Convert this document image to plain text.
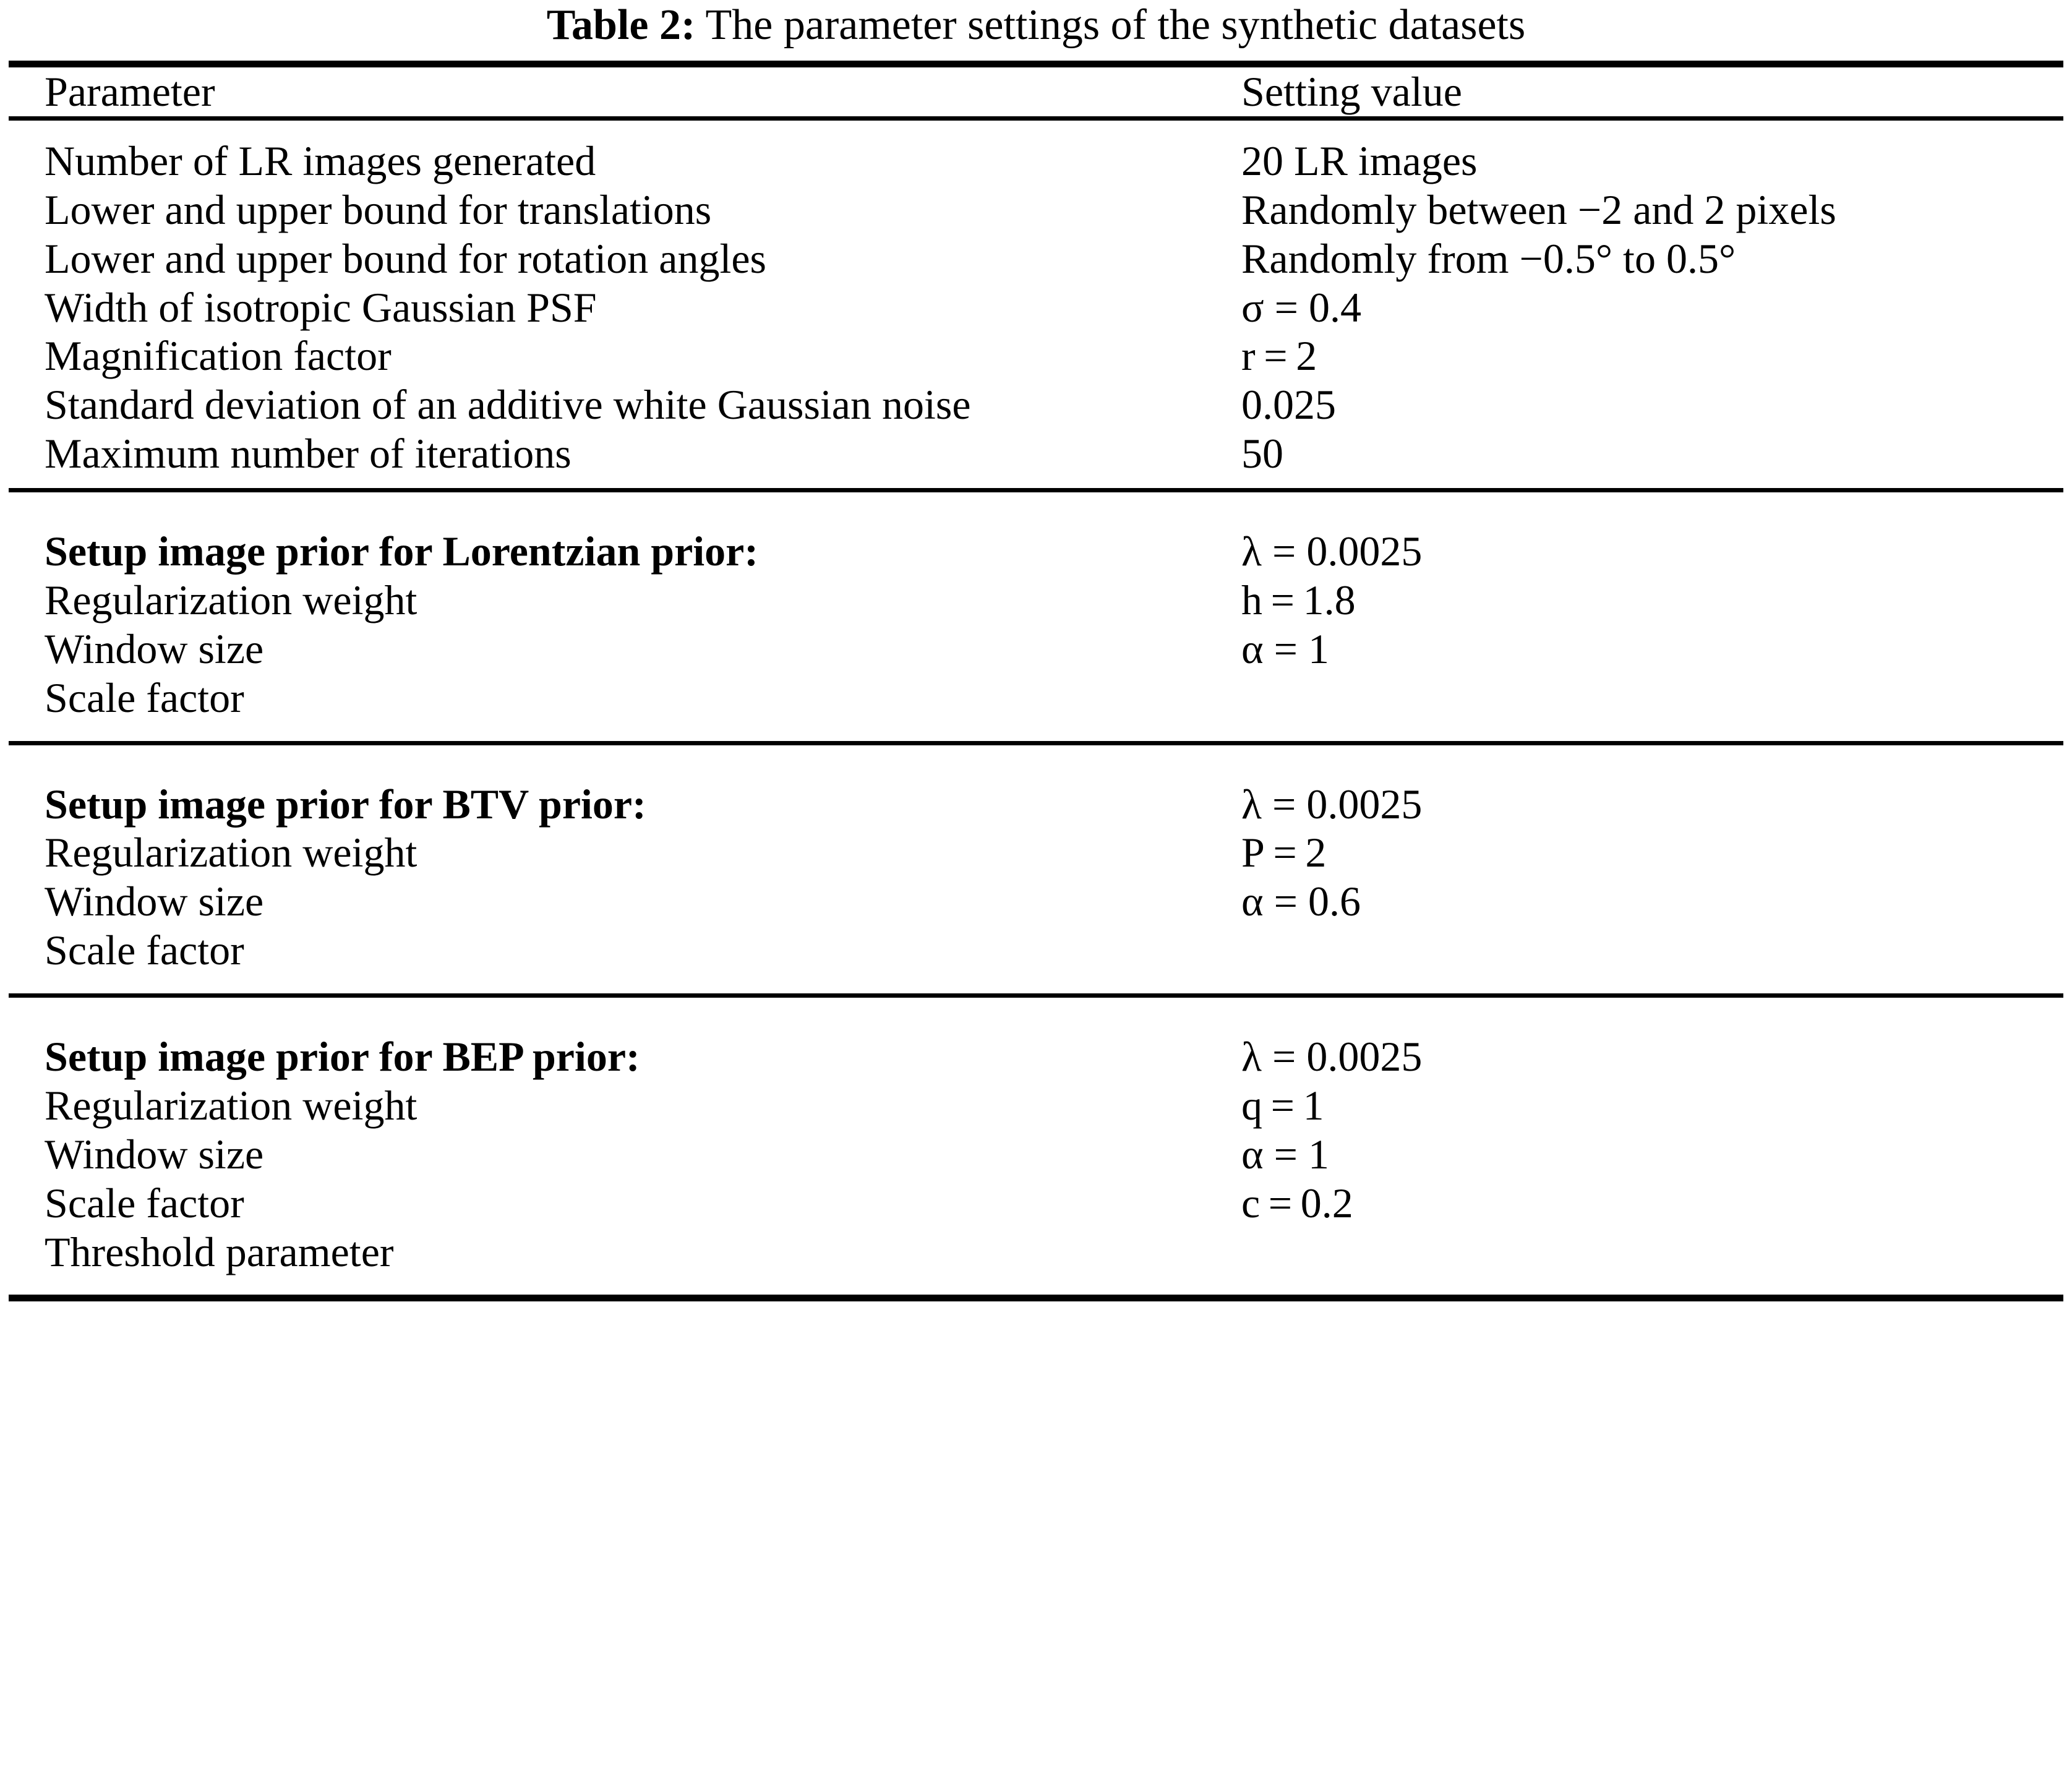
Table 2: The parameter settings of the synthetic datasets
Parameter	Setting value
Number of LR images generated	20 LR images
Lower and upper bound for translations	Randomly between −2 and 2 pixels
Lower and upper bound for rotation angles	Randomly from −0.5° to 0.5°
Width of isotropic Gaussian PSF	σ = 0.4
Magnification factor	r = 2
Standard deviation of an additive white Gaussian noise	0.025
Maximum number of iterations	50
Setup image prior for Lorentzian prior:	λ = 0.0025
Regularization weight	h = 1.8
Window size	α = 1
Scale factor	
Setup image prior for BTV prior:	λ = 0.0025
Regularization weight	P = 2
Window size	α = 0.6
Scale factor	
Setup image prior for BEP prior:	λ = 0.0025
Regularization weight	q = 1
Window size	α = 1
Scale factor	c = 0.2
Threshold parameter	
